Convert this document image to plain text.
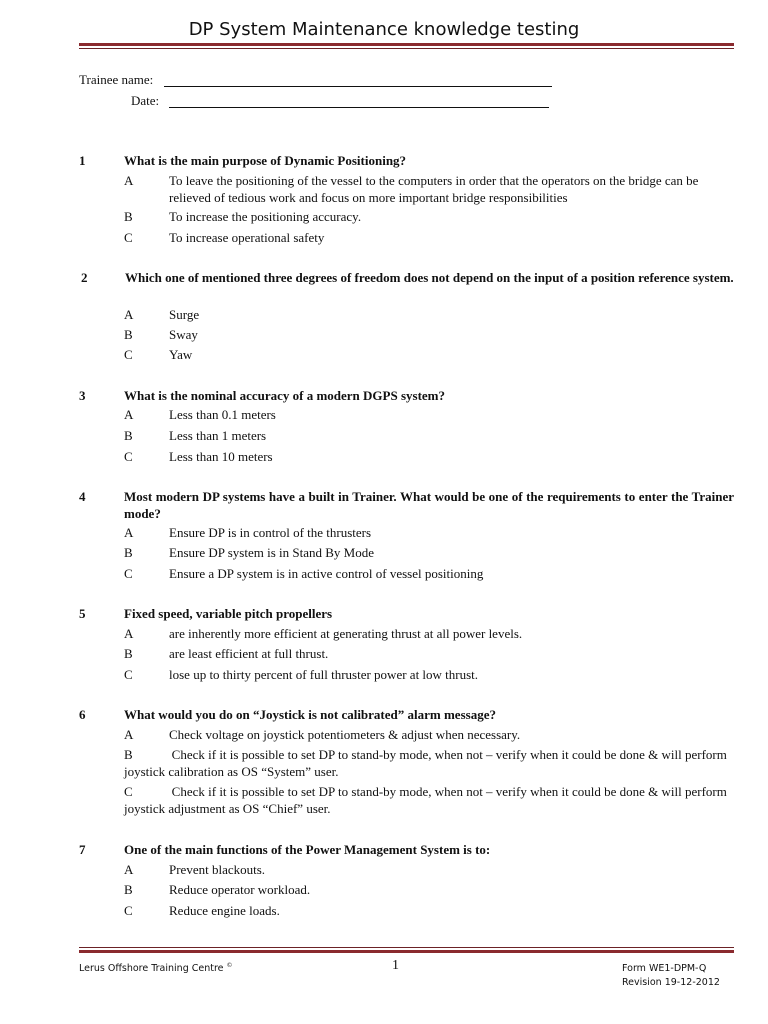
DP System Maintenance knowledge testing
Trainee name:
Date:
1	What is the main purpose of Dynamic Positioning?
A	To leave the positioning of the vessel to the computers in order that the operators on the bridge can be relieved of tedious work and focus on more important bridge responsibilities
B	To increase the positioning accuracy.
C	To increase operational safety
2	Which one of mentioned three degrees of freedom does not depend on the input of a position reference system.
A	Surge
B	Sway
C	Yaw
3	What is the nominal accuracy of a modern DGPS system?
A	Less than 0.1 meters
B	Less than 1 meters
C	Less than 10 meters
4	Most modern DP systems have a built in Trainer. What would be one of the requirements to enter the Trainer mode?
A	Ensure DP is in control of the thrusters
B	Ensure DP system is in Stand By Mode
C	Ensure a DP system is in active control of vessel positioning
5	Fixed speed, variable pitch propellers
A	are inherently more efficient at generating thrust at all power levels.
B	are least efficient at full thrust.
C	lose up to thirty percent of full thruster power at low thrust.
6	What would you do on “Joystick is not calibrated” alarm message?
A	Check voltage on joystick potentiometers & adjust when necessary.
B            Check if it is possible to set DP to stand-by mode, when not – verify when it could be done & will perform joystick calibration as OS “System” user.
C            Check if it is possible to set DP to stand-by mode, when not – verify when it could be done & will perform joystick adjustment as OS “Chief” user.
7	One of the main functions of the Power Management System is to:
A	Prevent blackouts.
B	Reduce operator workload.
C	Reduce engine loads.
Lerus Offshore Training Centre ©	1	Form WE1-DPM-Q
Revision 19-12-2012
